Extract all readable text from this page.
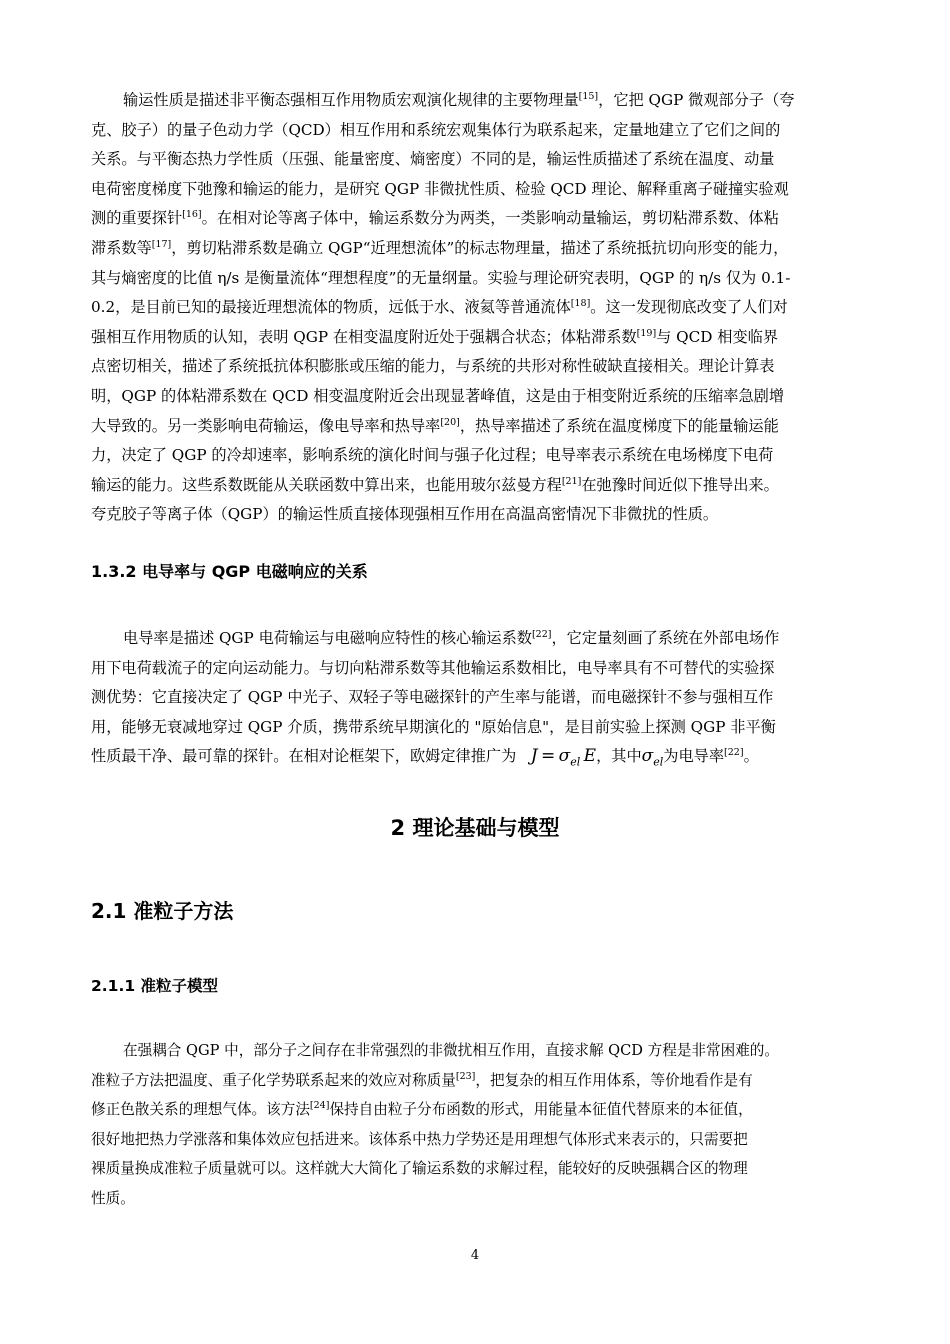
输运性质是描述非平衡态强相互作用物质宏观演化规律的主要物理量[15]，它把 QGP 微观部分子（夸
克、胶子）的量子色动力学（QCD）相互作用和系统宏观集体行为联系起来，定量地建立了它们之间的
关系。与平衡态热力学性质（压强、能量密度、熵密度）不同的是，输运性质描述了系统在温度、动量
电荷密度梯度下弛豫和输运的能力，是研究 QGP 非微扰性质、检验 QCD 理论、解释重离子碰撞实验观
测的重要探针[16]。在相对论等离子体中，输运系数分为两类，一类影响动量输运，剪切粘滞系数、体粘
滞系数等[17]，剪切粘滞系数是确立 QGP“近理想流体”的标志物理量，描述了系统抵抗切向形变的能力，
其与熵密度的比值 η/s 是衡量流体“理想程度”的无量纲量。实验与理论研究表明，QGP 的 η/s 仅为 0.1-
0.2，是目前已知的最接近理想流体的物质，远低于水、液氦等普通流体[18]。这一发现彻底改变了人们对
强相互作用物质的认知，表明 QGP 在相变温度附近处于强耦合状态；体粘滞系数[19]与 QCD 相变临界
点密切相关，描述了系统抵抗体积膨胀或压缩的能力，与系统的共形对称性破缺直接相关。理论计算表
明，QGP 的体粘滞系数在 QCD 相变温度附近会出现显著峰值，这是由于相变附近系统的压缩率急剧增
大导致的。另一类影响电荷输运，像电导率和热导率[20]，热导率描述了系统在温度梯度下的能量输运能
力，决定了 QGP 的冷却速率，影响系统的演化时间与强子化过程；电导率表示系统在电场梯度下电荷
输运的能力。这些系数既能从关联函数中算出来，也能用玻尔兹曼方程[21]在弛豫时间近似下推导出来。
夸克胶子等离子体（QGP）的输运性质直接体现强相互作用在高温高密情况下非微扰的性质。
1.3.2 电导率与 QGP 电磁响应的关系
电导率是描述 QGP 电荷输运与电磁响应特性的核心输运系数[22]，它定量刻画了系统在外部电场作
用下电荷载流子的定向运动能力。与切向粘滞系数等其他输运系数相比，电导率具有不可替代的实验探
测优势：它直接决定了 QGP 中光子、双轻子等电磁探针的产生率与能谱，而电磁探针不参与强相互作
用，能够无衰减地穿过 QGP 介质，携带系统早期演化的 "原始信息"，是目前实验上探测 QGP 非平衡
性质最干净、最可靠的探针。在相对论框架下，欧姆定律推广为 $J = \sigma_{el}$  E，其中$\sigma_{el}$为电导率[22]。
2 理论基础与模型
2.1 准粒子方法
2.1.1 准粒子模型
在强耦合 QGP 中，部分子之间存在非常强烈的非微扰相互作用，直接求解 QCD 方程是非常困难的。
准粒子方法把温度、重子化学势联系起来的效应对称质量[23]，把复杂的相互作用体系，等价地看作是有
修正色散关系的理想气体。该方法[24]保持自由粒子分布函数的形式，用能量本征值代替原来的本征值，
很好地把热力学涨落和集体效应包括进来。该体系中热力学势还是用理想气体形式来表示的，只需要把
裸质量换成准粒子质量就可以。这样就大大简化了输运系数的求解过程，能较好的反映强耦合区的物理
性质。

4
